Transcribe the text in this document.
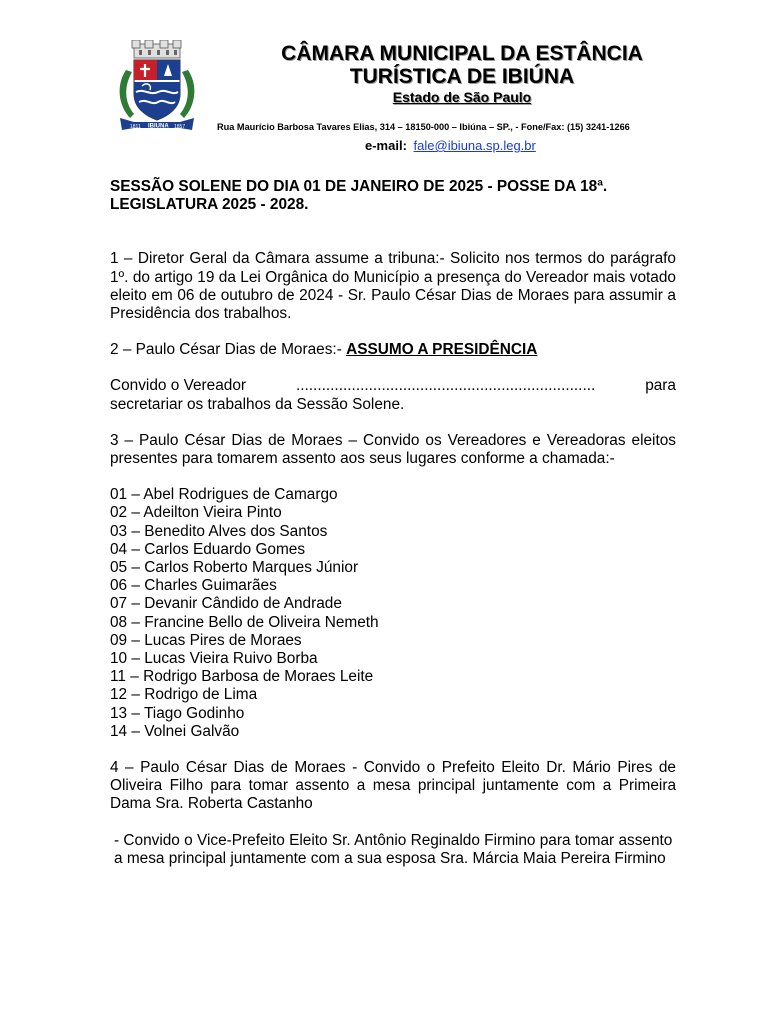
1811 IBIUNA 1857
CÂMARA MUNICIPAL DA ESTÂNCIA
TURÍSTICA DE IBIÚNA
Estado de São Paulo
Rua Maurício Barbosa Tavares Elias, 314 – 18150-000 – Ibiúna – SP., - Fone/Fax: (15) 3241-1266
e-mail: fale@ibiuna.sp.leg.br
SESSÃO SOLENE DO DIA 01 DE JANEIRO DE 2025 - POSSE DA 18ª. LEGISLATURA 2025 - 2028.
1 – Diretor Geral da Câmara assume a tribuna:- Solicito nos termos do parágrafo 1º. do artigo 19 da Lei Orgânica do Município a presença do Vereador mais votado eleito em 06 de outubro de 2024 - Sr. Paulo César Dias de Moraes para assumir a Presidência dos trabalhos.
2 – Paulo César Dias de Moraes:- ASSUMO A PRESIDÊNCIA
Convido o Vereador	......................................................................	para
secretariar os trabalhos da Sessão Solene.
3 – Paulo César Dias de Moraes – Convido os Vereadores e Vereadoras eleitos presentes para tomarem assento aos seus lugares conforme a chamada:-
01 – Abel Rodrigues de Camargo
02 – Adeilton Vieira Pinto
03 – Benedito Alves dos Santos
04 – Carlos Eduardo Gomes
05 – Carlos Roberto Marques Júnior
06 – Charles Guimarães
07 – Devanir Cândido de Andrade
08 – Francine Bello de Oliveira Nemeth
09 – Lucas Pires de Moraes
10 – Lucas Vieira Ruivo Borba
11 – Rodrigo Barbosa de Moraes Leite
12 – Rodrigo de Lima
13 – Tiago Godinho
14 – Volnei Galvão
4 – Paulo César Dias de Moraes - Convido o Prefeito Eleito Dr. Mário Pires de Oliveira Filho para tomar assento a mesa principal juntamente com a Primeira Dama Sra. Roberta Castanho
- Convido o Vice-Prefeito Eleito Sr. Antônio Reginaldo Firmino para tomar assento a mesa principal juntamente com a sua esposa Sra. Márcia Maia Pereira Firmino
